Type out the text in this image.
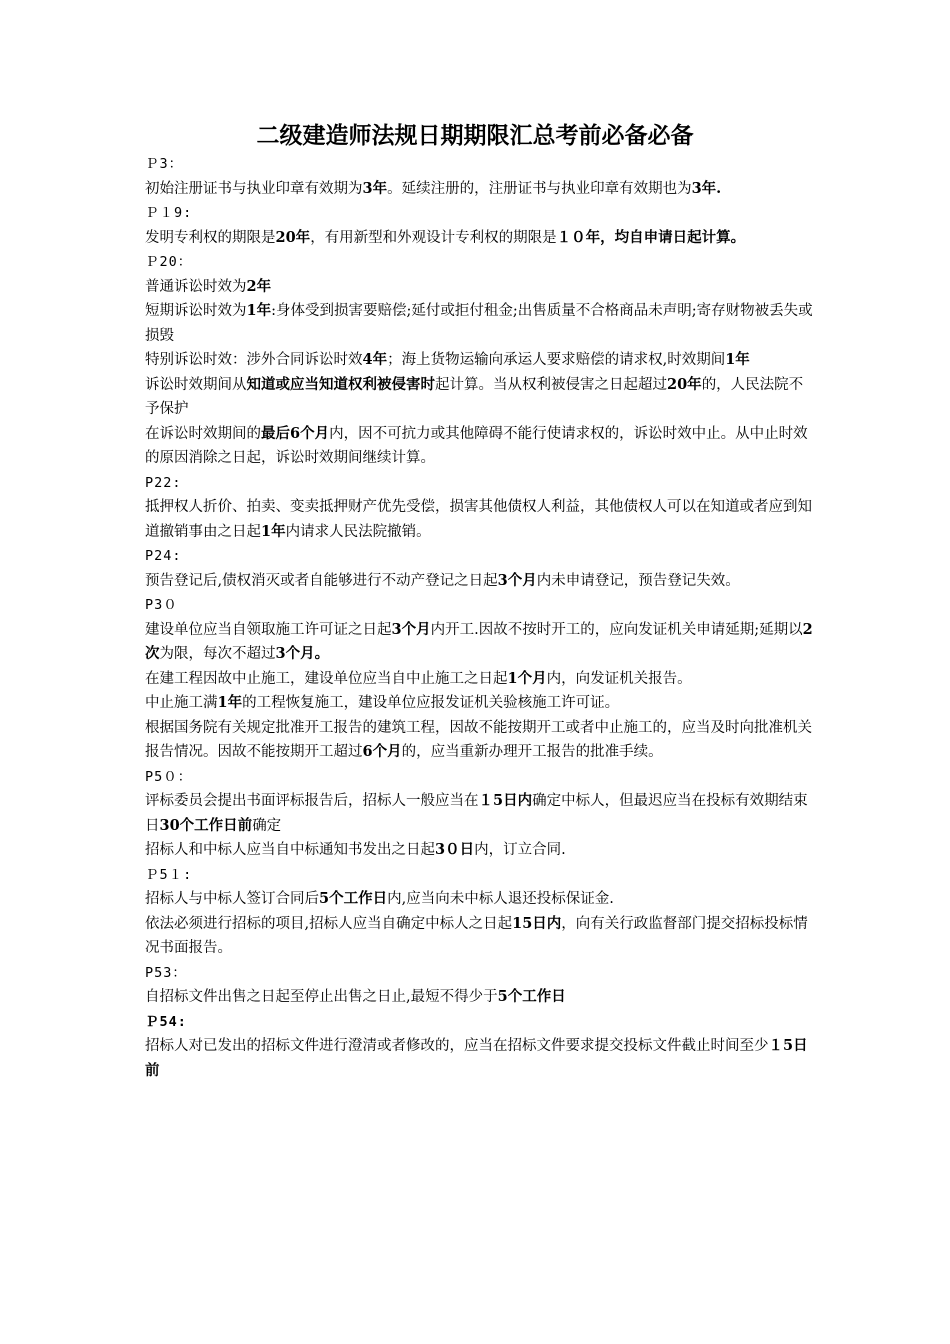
二级建造师法规日期期限汇总考前必备必备

Ｐ3：

初始注册证书与执业印章有效期为3年。延续注册的，注册证书与执业印章有效期也为3年.

Ｐ１9:

发明专利权的期限是20年，有用新型和外观设计专利权的期限是１０年，均自申请日起计算。

Ｐ20：

普通诉讼时效为2年

短期诉讼时效为1年:身体受到损害要赔偿;延付或拒付租金;出售质量不合格商品未声明;寄存财物被丢失或损毁

特别诉讼时效：涉外合同诉讼时效4年；海上货物运输向承运人要求赔偿的请求权,时效期间1年

诉讼时效期间从知道或应当知道权利被侵害时起计算。当从权利被侵害之日起超过20年的，人民法院不予保护

在诉讼时效期间的最后6个月内，因不可抗力或其他障碍不能行使请求权的，诉讼时效中止。从中止时效的原因消除之日起，诉讼时效期间继续计算。

P22:

抵押权人折价、拍卖、变卖抵押财产优先受偿，损害其他债权人利益，其他债权人可以在知道或者应到知道撤销事由之日起1年内请求人民法院撤销。

P24:

预告登记后,债权消灭或者自能够进行不动产登记之日起3个月内未申请登记，预告登记失效。

P3０

建设单位应当自领取施工许可证之日起3个月内开工.因故不按时开工的，应向发证机关申请延期;延期以2次为限，每次不超过3个月。

在建工程因故中止施工，建设单位应当自中止施工之日起1个月内，向发证机关报告。

中止施工满1年的工程恢复施工，建设单位应报发证机关验核施工许可证。

根据国务院有关规定批准开工报告的建筑工程，因故不能按期开工或者中止施工的，应当及时向批准机关报告情况。因故不能按期开工超过6个月的，应当重新办理开工报告的批准手续。

P5０：

评标委员会提出书面评标报告后，招标人一般应当在１5日内确定中标人，但最迟应当在投标有效期结束日30个工作日前确定

招标人和中标人应当自中标通知书发出之日起3０日内，订立合同.

Ｐ5１:

招标人与中标人签订合同后5个工作日内,应当向未中标人退还投标保证金.

依法必须进行招标的项目,招标人应当自确定中标人之日起15日内，向有关行政监督部门提交招标投标情况书面报告。

P53：

自招标文件出售之日起至停止出售之日止,最短不得少于5个工作日

Ｐ54:

招标人对已发出的招标文件进行澄清或者修改的，应当在招标文件要求提交投标文件截止时间至少１5日前
